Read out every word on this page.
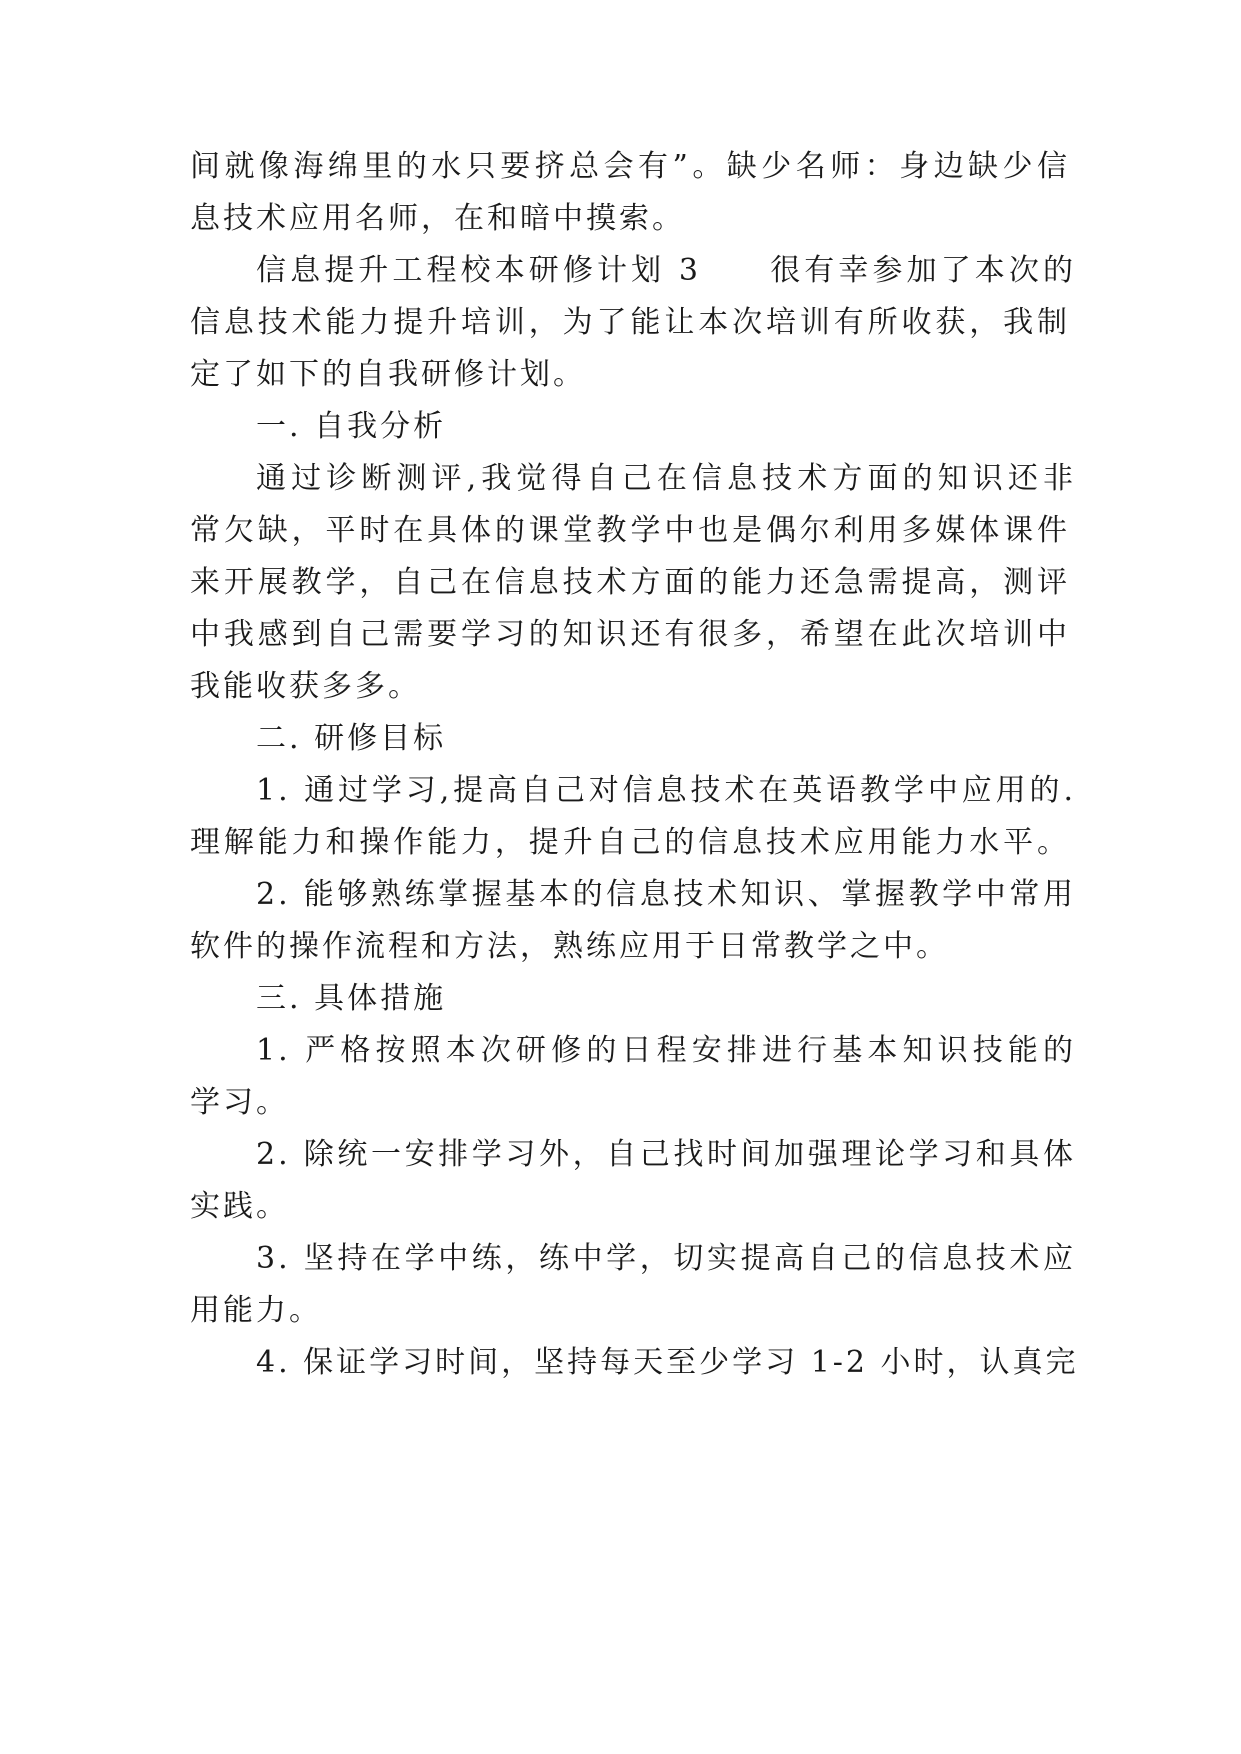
间就像海绵里的水只要挤总会有”。缺少名师：身边缺少信
息技术应用名师，在和暗中摸索。
信息提升工程校本研修计划 3　　很有幸参加了本次的
信息技术能力提升培训，为了能让本次培训有所收获，我制
定了如下的自我研修计划。
一. 自我分析
通过诊断测评,我觉得自己在信息技术方面的知识还非
常欠缺，平时在具体的课堂教学中也是偶尔利用多媒体课件
来开展教学，自己在信息技术方面的能力还急需提高，测评
中我感到自己需要学习的知识还有很多，希望在此次培训中
我能收获多多。
二. 研修目标
1. 通过学习,提高自己对信息技术在英语教学中应用的.
理解能力和操作能力，提升自己的信息技术应用能力水平。
2. 能够熟练掌握基本的信息技术知识、掌握教学中常用
软件的操作流程和方法，熟练应用于日常教学之中。
三. 具体措施
1. 严格按照本次研修的日程安排进行基本知识技能的
学习。
2. 除统一安排学习外，自己找时间加强理论学习和具体
实践。
3. 坚持在学中练，练中学，切实提高自己的信息技术应
用能力。
4. 保证学习时间，坚持每天至少学习 1-2 小时，认真完
